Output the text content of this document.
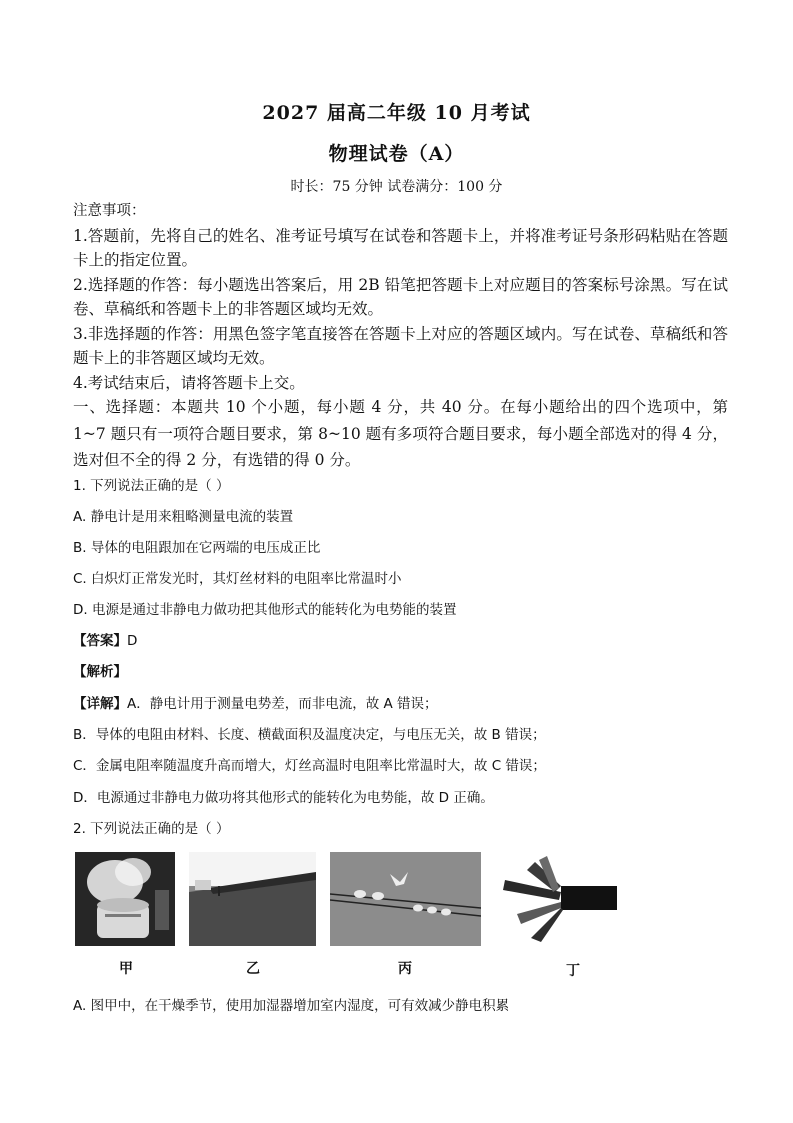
2027 届高二年级 10 月考试
物理试卷（A）
时长：75 分钟 试卷满分：100 分

注意事项：

1.答题前，先将自己的姓名、准考证号填写在试卷和答题卡上，并将准考证号条形码粘贴在答题卡上的指定位置。

2.选择题的作答：每小题选出答案后，用 2B 铅笔把答题卡上对应题目的答案标号涂黑。写在试卷、草稿纸和答题卡上的非答题区域均无效。

3.非选择题的作答：用黑色签字笔直接答在答题卡上对应的答题区域内。写在试卷、草稿纸和答题卡上的非答题区域均无效。

4.考试结束后，请将答题卡上交。

一、选择题：本题共 10 个小题，每小题 4 分，共 40 分。在每小题给出的四个选项中，第 1~7 题只有一项符合题目要求，第 8~10 题有多项符合题目要求，每小题全部选对的得 4 分，选对但不全的得 2 分，有选错的得 0 分。
1. 下列说法正确的是（ ）
A. 静电计是用来粗略测量电流的装置
B. 导体的电阻跟加在它两端的电压成正比
C. 白炽灯正常发光时，其灯丝材料的电阻率比常温时小
D. 电源是通过非静电力做功把其他形式的能转化为电势能的装置
【答案】D
【解析】
【详解】A．静电计用于测量电势差，而非电流，故 A 错误；
B．导体的电阻由材料、长度、横截面积及温度决定，与电压无关，故 B 错误；
C．金属电阻率随温度升高而增大，灯丝高温时电阻率比常温时大，故 C 错误；
D．电源通过非静电力做功将其他形式的能转化为电势能，故 D 正确。
2. 下列说法正确的是（ ）
甲	乙	丙	丁
A. 图甲中，在干燥季节，使用加湿器增加室内湿度，可有效减少静电积累
